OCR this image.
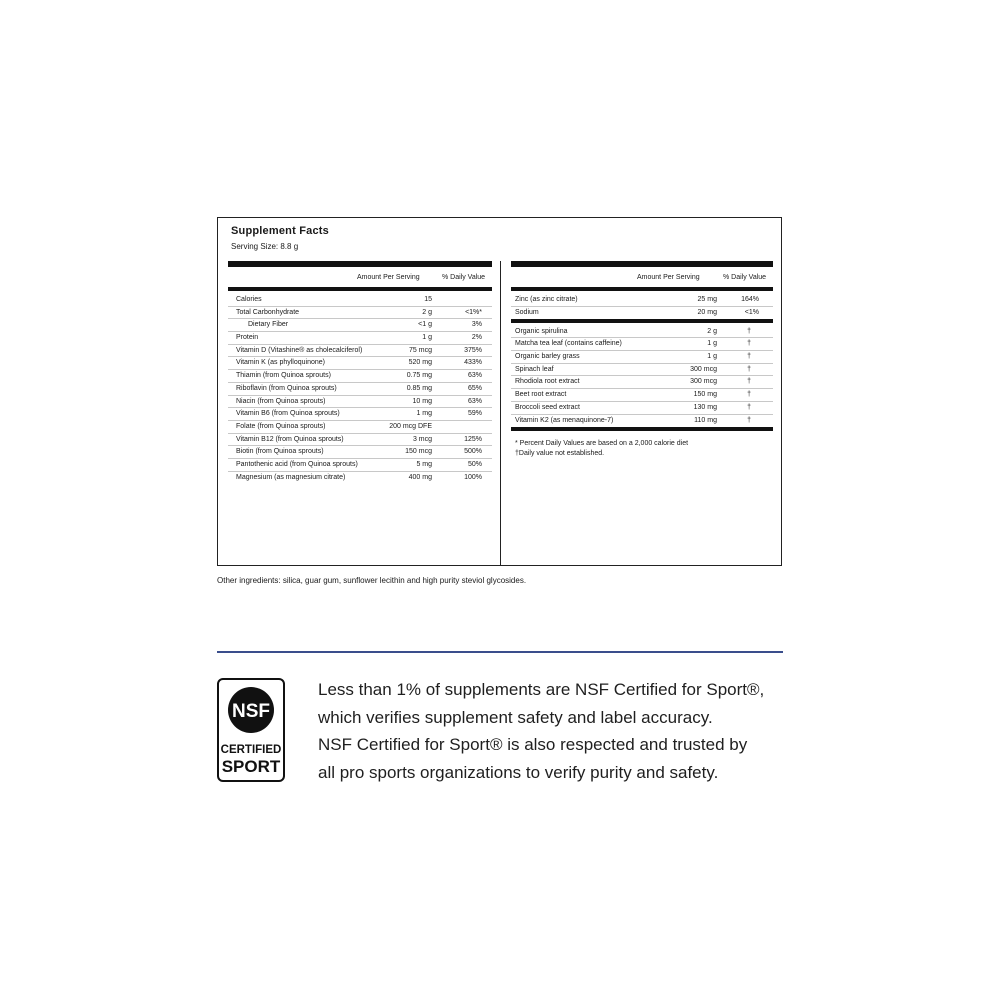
Supplement Facts
Serving Size: 8.8 g
Amount Per Serving	% Daily Value
Calories	15
Total Carbonhydrate	2 g	<1%*
Dietary Fiber	<1 g	3%
Protein	1 g	2%
Vitamin D (Vitashine® as cholecalciferol)	75 mcg	375%
Vitamin K (as phylloquinone)	520 mg	433%
Thiamin (from Quinoa sprouts)	0.75 mg	63%
Riboflavin (from Quinoa sprouts)	0.85 mg	65%
Niacin (from Quinoa sprouts)	10 mg	63%
Vitamin B6 (from Quinoa sprouts)	1 mg	59%
Folate (from Quinoa sprouts)	200 mcg DFE
Vitamin B12 (from Quinoa sprouts)	3 mcg	125%
Biotin (from Quinoa sprouts)	150 mcg	500%
Pantothenic acid (from Quinoa sprouts)	5 mg	50%
Magnesium (as magnesium citrate)	400 mg	100%
Amount Per Serving	% Daily Value
Zinc (as zinc citrate)	25 mg	164%
Sodium	20 mg	<1%
Organic spirulina	2 g	†
Matcha tea leaf (contains caffeine)	1 g	†
Organic barley grass	1 g	†
Spinach leaf	300 mcg	†
Rhodiola root extract	300 mcg	†
Beet root extract	150 mg	†
Broccoli seed extract	130 mg	†
Vitamin K2 (as menaquinone-7)	110 mg	†
* Percent Daily Values are based on a 2,000 calorie diet
†Daily value not established.
Other ingredients: silica, guar gum, sunflower lecithin and high purity steviol glycosides.
NSF
CERTIFIED
SPORT
Less than 1% of supplements are NSF Certified for Sport®,
which verifies supplement safety and label accuracy.
NSF Certified for Sport® is also respected and trusted by
all pro sports organizations to verify purity and safety.
